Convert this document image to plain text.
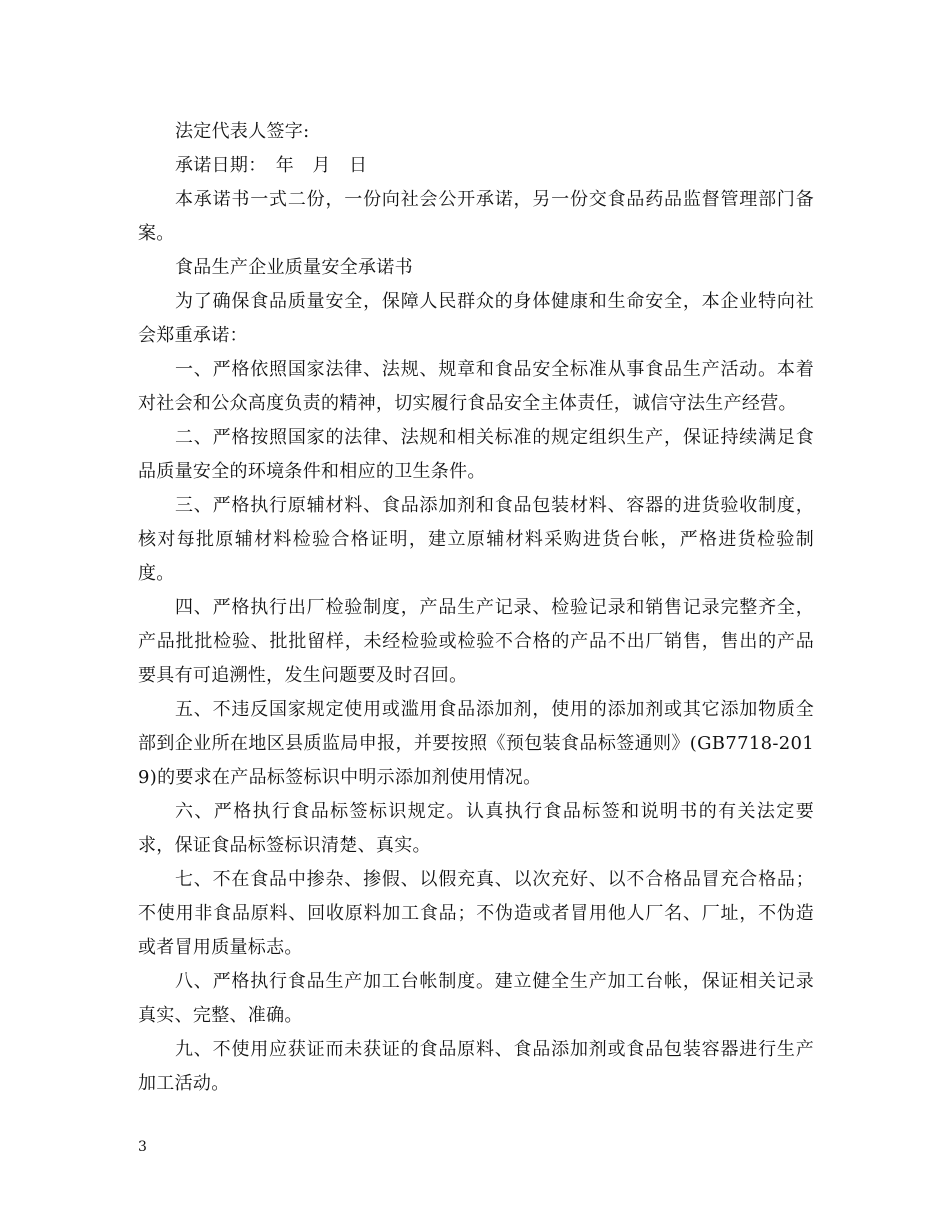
法定代表人签字:

承诺日期：　年　月　日

本承诺书一式二份，一份向社会公开承诺，另一份交食品药品监督管理部门备案。

食品生产企业质量安全承诺书

为了确保食品质量安全，保障人民群众的身体健康和生命安全，本企业特向社会郑重承诺：

一、严格依照国家法律、法规、规章和食品安全标准从事食品生产活动。本着对社会和公众高度负责的精神，切实履行食品安全主体责任，诚信守法生产经营。

二、严格按照国家的法律、法规和相关标准的规定组织生产，保证持续满足食品质量安全的环境条件和相应的卫生条件。

三、严格执行原辅材料、食品添加剂和食品包装材料、容器的进货验收制度，核对每批原辅材料检验合格证明，建立原辅材料采购进货台帐，严格进货检验制度。

四、严格执行出厂检验制度，产品生产记录、检验记录和销售记录完整齐全，产品批批检验、批批留样，未经检验或检验不合格的产品不出厂销售，售出的产品要具有可追溯性，发生问题要及时召回。

五、不违反国家规定使用或滥用食品添加剂，使用的添加剂或其它添加物质全部到企业所在地区县质监局申报，并要按照《预包装食品标签通则》(GB7718-2019)的要求在产品标签标识中明示添加剂使用情况。

六、严格执行食品标签标识规定。认真执行食品标签和说明书的有关法定要求，保证食品标签标识清楚、真实。

七、不在食品中掺杂、掺假、以假充真、以次充好、以不合格品冒充合格品；不使用非食品原料、回收原料加工食品；不伪造或者冒用他人厂名、厂址，不伪造或者冒用质量标志。

八、严格执行食品生产加工台帐制度。建立健全生产加工台帐，保证相关记录真实、完整、准确。

九、不使用应获证而未获证的食品原料、食品添加剂或食品包装容器进行生产加工活动。

3
